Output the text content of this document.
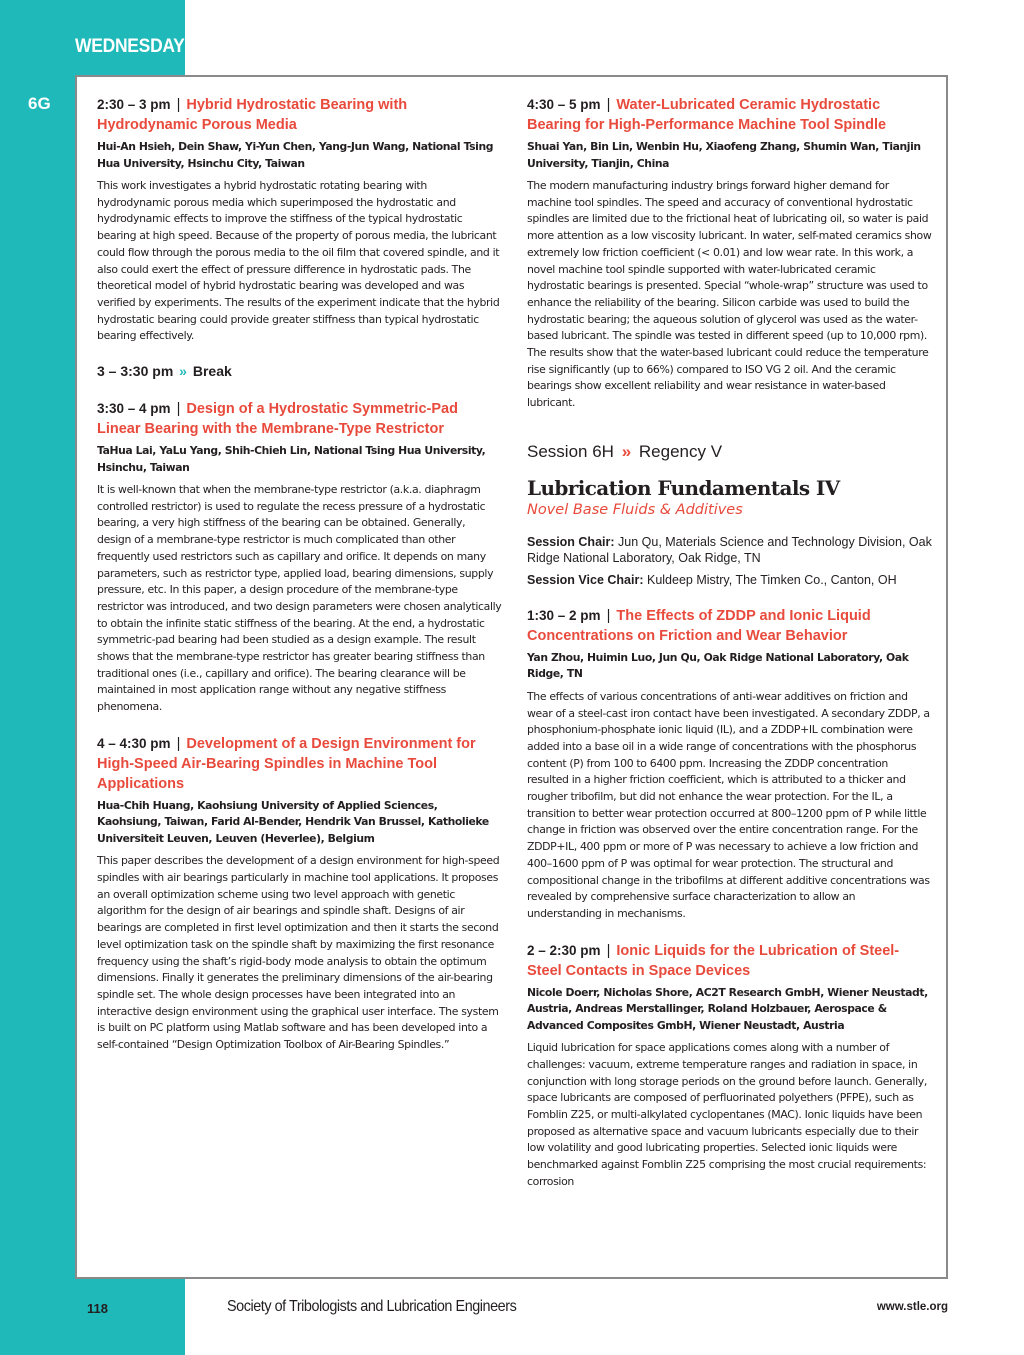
WEDNESDAY
6G	2:30 – 3 pm | Hybrid Hydrostatic Bearing with Hydrodynamic Porous Media

Hui-An Hsieh, Dein Shaw, Yi-Yun Chen, Yang-Jun Wang, National Tsing Hua University, Hsinchu City, Taiwan

This work investigates a hybrid hydrostatic rotating bearing with hydrodynamic porous media which superimposed the hydrostatic and hydrodynamic effects to improve the stiffness of the typical hydrostatic bearing at high speed. Because of the property of porous media, the lubricant could flow through the porous media to the oil film that covered spindle, and it also could exert the effect of pressure difference in hydrostatic pads. The theoretical model of hybrid hydrostatic bearing was developed and was verified by experiments. The results of the experiment indicate that the hybrid hydrostatic bearing could provide greater stiffness than typical hydrostatic bearing effectively.

3 – 3:30 pm » Break

3:30 – 4 pm | Design of a Hydrostatic Symmetric-Pad Linear Bearing with the Membrane-Type Restrictor

TaHua Lai, YaLu Yang, Shih-Chieh Lin, National Tsing Hua University, Hsinchu, Taiwan

It is well-known that when the membrane-type restrictor (a.k.a. diaphragm controlled restrictor) is used to regulate the recess pressure of a hydrostatic bearing, a very high stiffness of the bearing can be obtained. Generally, design of a membrane-type restrictor is much complicated than other frequently used restrictors such as capillary and orifice. It depends on many parameters, such as restrictor type, applied load, bearing dimensions, supply pressure, etc. In this paper, a design procedure of the membrane-type restrictor was introduced, and two design parameters were chosen analytically to obtain the infinite static stiffness of the bearing. At the end, a hydrostatic symmetric-pad bearing had been studied as a design example. The result shows that the membrane-type restrictor has greater bearing stiffness than traditional ones (i.e., capillary and orifice). The bearing clearance will be maintained in most application range without any negative stiffness phenomena.

4 – 4:30 pm | Development of a Design Environment for High-Speed Air-Bearing Spindles in Machine Tool Applications

Hua-Chih Huang, Kaohsiung University of Applied Sciences, Kaohsiung, Taiwan, Farid Al-Bender, Hendrik Van Brussel, Katholieke Universiteit Leuven, Leuven (Heverlee), Belgium

This paper describes the development of a design environment for high-speed spindles with air bearings particularly in machine tool applications. It proposes an overall optimization scheme using two level approach with genetic algorithm for the design of air bearings and spindle shaft. Designs of air bearings are completed in first level optimization and then it starts the second level optimization task on the spindle shaft by maximizing the first resonance frequency using the shaft’s rigid-body mode analysis to obtain the optimum dimensions. Finally it generates the preliminary dimensions of the air-bearing spindle set. The whole design processes have been integrated into an interactive design environment using the graphical user interface. The system is built on PC platform using Matlab software and has been developed into a self-contained “Design Optimization Toolbox of Air-Bearing Spindles.”

4:30 – 5 pm | Water-Lubricated Ceramic Hydrostatic Bearing for High-Performance Machine Tool Spindle

Shuai Yan, Bin Lin, Wenbin Hu, Xiaofeng Zhang, Shumin Wan, Tianjin University, Tianjin, China

The modern manufacturing industry brings forward higher demand for machine tool spindles. The speed and accuracy of conventional hydrostatic spindles are limited due to the frictional heat of lubricating oil, so water is paid more attention as a low viscosity lubricant. In water, self-mated ceramics show extremely low friction coefficient (< 0.01) and low wear rate. In this work, a novel machine tool spindle supported with water-lubricated ceramic hydrostatic bearings is presented. Special “whole-wrap” structure was used to enhance the reliability of the bearing. Silicon carbide was used to build the hydrostatic bearing; the aqueous solution of glycerol was used as the water-based lubricant. The spindle was tested in different speed (up to 10,000 rpm). The results show that the water-based lubricant could reduce the temperature rise significantly (up to 66%) compared to ISO VG 2 oil. And the ceramic bearings show excellent reliability and wear resistance in water-based lubricant.

Session 6H » Regency V
Lubrication Fundamentals IV
Novel Base Fluids & Additives

Session Chair: Jun Qu, Materials Science and Technology Division, Oak Ridge National Laboratory, Oak Ridge, TN

Session Vice Chair: Kuldeep Mistry, The Timken Co., Canton, OH

1:30 – 2 pm | The Effects of ZDDP and Ionic Liquid Concentrations on Friction and Wear Behavior

Yan Zhou, Huimin Luo, Jun Qu, Oak Ridge National Laboratory, Oak Ridge, TN

The effects of various concentrations of anti-wear additives on friction and wear of a steel-cast iron contact have been investigated. A secondary ZDDP, a phosphonium-phosphate ionic liquid (IL), and a ZDDP+IL combination were added into a base oil in a wide range of concentrations with the phosphorus content (P) from 100 to 6400 ppm. Increasing the ZDDP concentration resulted in a higher friction coefficient, which is attributed to a thicker and rougher tribofilm, but did not enhance the wear protection. For the IL, a transition to better wear protection occurred at 800–1200 ppm of P while little change in friction was observed over the entire concentration range. For the ZDDP+IL, 400 ppm or more of P was necessary to achieve a low friction and 400–1600 ppm of P was optimal for wear protection. The structural and compositional change in the tribofilms at different additive concentrations was revealed by comprehensive surface characterization to allow an understanding in mechanisms.

2 – 2:30 pm | Ionic Liquids for the Lubrication of Steel-Steel Contacts in Space Devices

Nicole Doerr, Nicholas Shore, AC2T Research GmbH, Wiener Neustadt, Austria, Andreas Merstallinger, Roland Holzbauer, Aerospace & Advanced Composites GmbH, Wiener Neustadt, Austria

Liquid lubrication for space applications comes along with a number of challenges: vacuum, extreme temperature ranges and radiation in space, in conjunction with long storage periods on the ground before launch. Generally, space lubricants are composed of perfluorinated polyethers (PFPE), such as Fomblin Z25, or multi-alkylated cyclopentanes (MAC). Ionic liquids have been proposed as alternative space and vacuum lubricants especially due to their low volatility and good lubricating properties. Selected ionic liquids were benchmarked against Fomblin Z25 comprising the most crucial requirements: corrosion

118	Society of Tribologists and Lubrication Engineers	www.stle.org
